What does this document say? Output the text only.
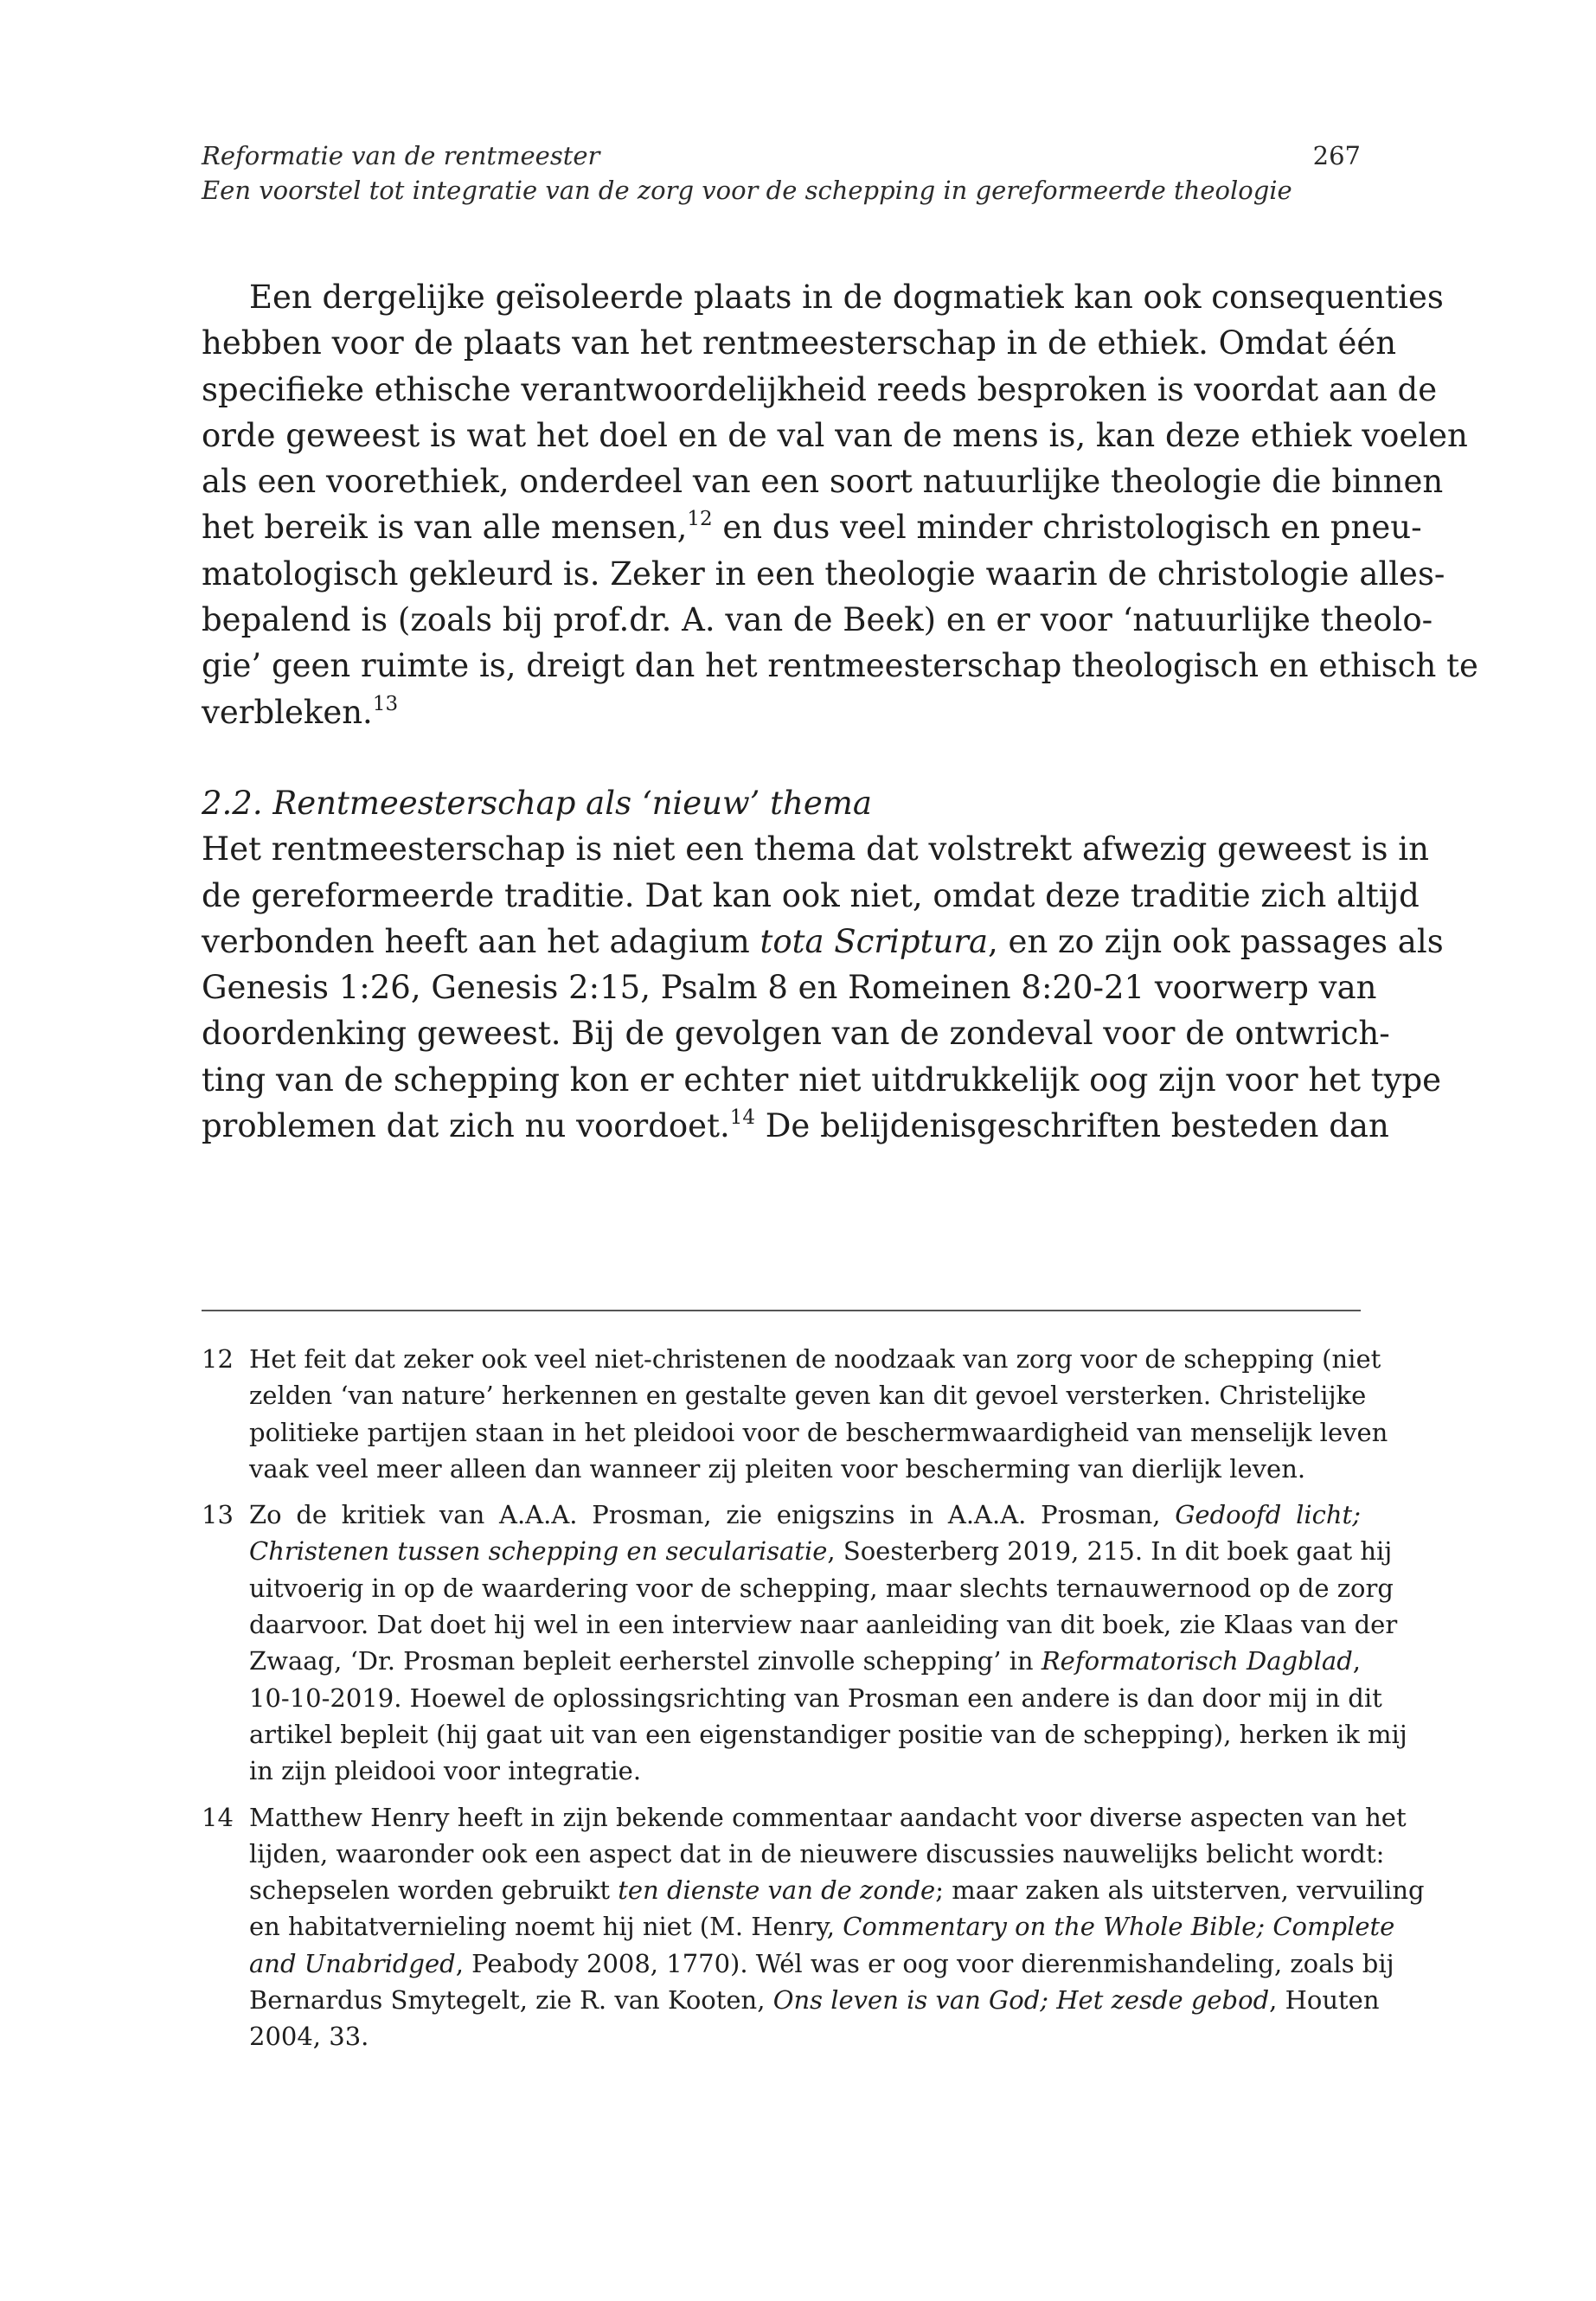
Reformatie van de rentmeester
Een voorstel tot integratie van de zorg voor de schepping in gereformeerde theologie
267
Een dergelijke geïsoleerde plaats in de dogmatiek kan ook consequenties
hebben voor de plaats van het rentmeesterschap in de ethiek. Omdat één
specifieke ethische verantwoordelijkheid reeds besproken is voordat aan de
orde geweest is wat het doel en de val van de mens is, kan deze ethiek voelen
als een voorethiek, onderdeel van een soort natuurlijke theologie die binnen
het bereik is van alle mensen,$^{12}$ en dus veel minder christologisch en pneu-
matologisch gekleurd is. Zeker in een theologie waarin de christologie alles-
bepalend is (zoals bij prof.dr. A. van de Beek) en er voor ‘natuurlijke theolo-
gie’ geen ruimte is, dreigt dan het rentmeesterschap theologisch en ethisch te
verbleken.$^{13}$
2.2. Rentmeesterschap als ‘nieuw’ thema
Het rentmeesterschap is niet een thema dat volstrekt afwezig geweest is in
de gereformeerde traditie. Dat kan ook niet, omdat deze traditie zich altijd
verbonden heeft aan het adagium tota Scriptura, en zo zijn ook passages als
Genesis 1:26, Genesis 2:15, Psalm 8 en Romeinen 8:20-21 voorwerp van
doordenking geweest. Bij de gevolgen van de zondeval voor de ontwrich-
ting van de schepping kon er echter niet uitdrukkelijk oog zijn voor het type
problemen dat zich nu voordoet.$^{14}$ De belijdenisgeschriften besteden dan
12 Het feit dat zeker ook veel niet-christenen de noodzaak van zorg voor de schepping (niet
zelden ‘van nature’ herkennen en gestalte geven kan dit gevoel versterken. Christelijke
politieke partijen staan in het pleidooi voor de beschermwaardigheid van menselijk leven
vaak veel meer alleen dan wanneer zij pleiten voor bescherming van dierlijk leven.
13 Zo de kritiek van A.A.A. Prosman, zie enigszins in A.A.A. Prosman, Gedoofd licht;
Christenen tussen schepping en secularisatie, Soesterberg 2019, 215. In dit boek gaat hij
uitvoerig in op de waardering voor de schepping, maar slechts ternauwernood op de zorg
daarvoor. Dat doet hij wel in een interview naar aanleiding van dit boek, zie Klaas van der
Zwaag, ‘Dr. Prosman bepleit eerherstel zinvolle schepping’ in Reformatorisch Dagblad,
10-10-2019. Hoewel de oplossingsrichting van Prosman een andere is dan door mij in dit
artikel bepleit (hij gaat uit van een eigenstandiger positie van de schepping), herken ik mij
in zijn pleidooi voor integratie.
14 Matthew Henry heeft in zijn bekende commentaar aandacht voor diverse aspecten van het
lijden, waaronder ook een aspect dat in de nieuwere discussies nauwelijks belicht wordt:
schepselen worden gebruikt ten dienste van de zonde; maar zaken als uitsterven, vervuiling
en habitatvernieling noemt hij niet (M. Henry, Commentary on the Whole Bible; Complete
and Unabridged, Peabody 2008, 1770). Wél was er oog voor dierenmishandeling, zoals bij
Bernardus Smytegelt, zie R. van Kooten, Ons leven is van God; Het zesde gebod, Houten
2004, 33.
